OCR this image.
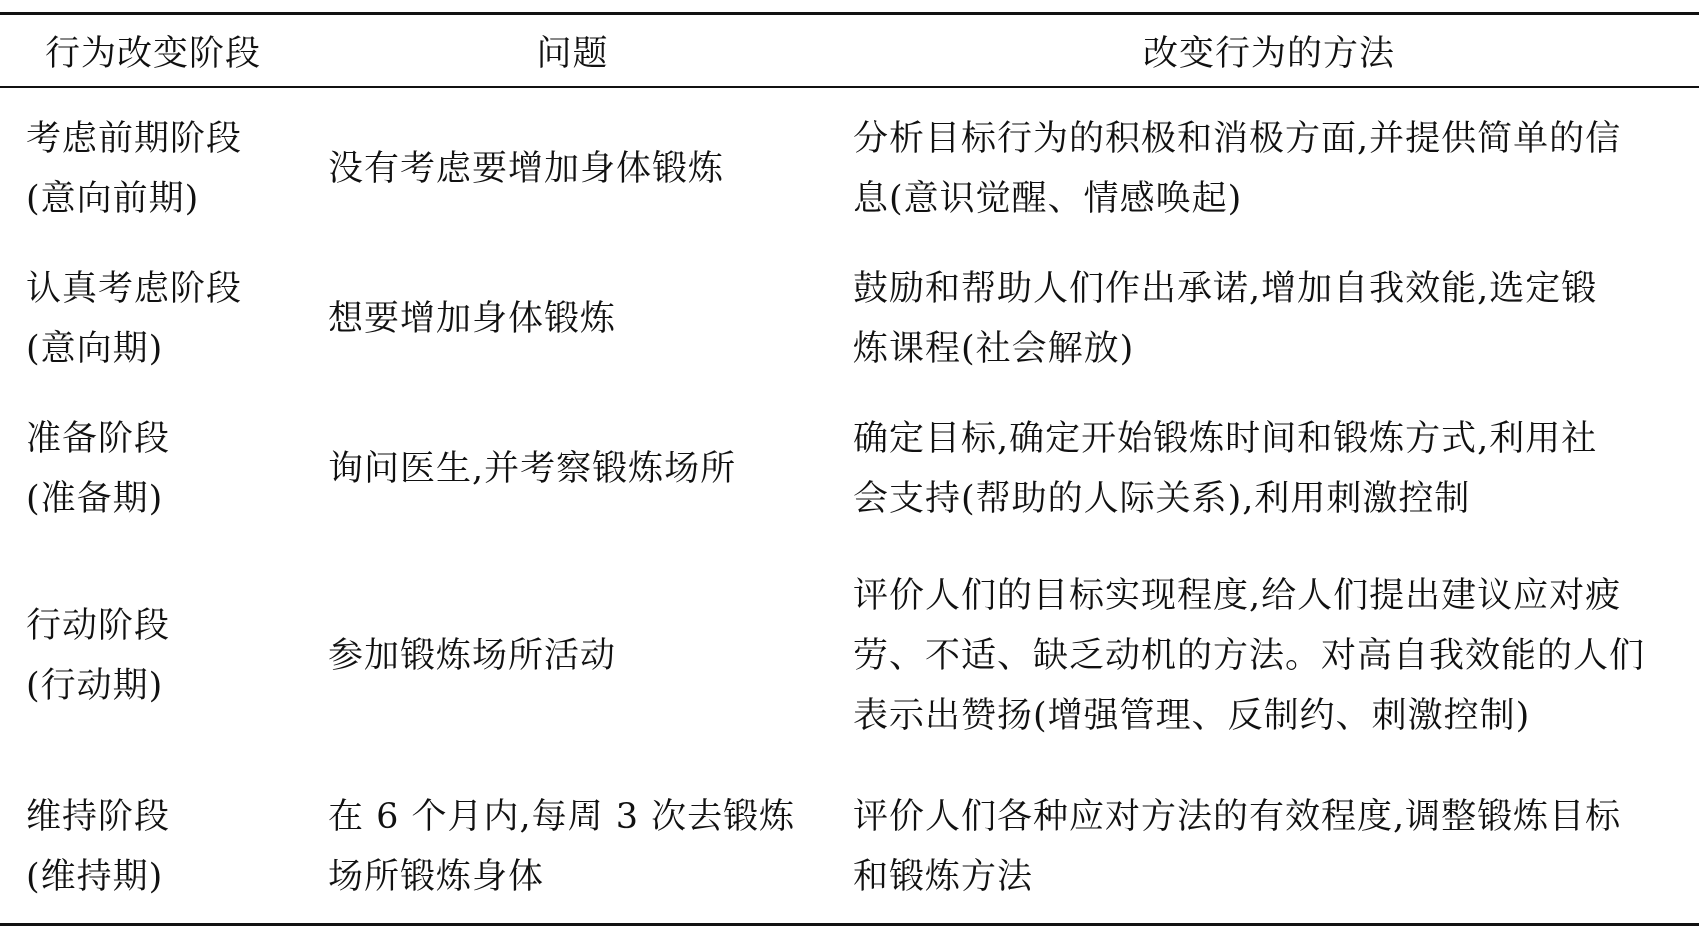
行为改变阶段	问题	改变行为的方法
考虑前期阶段
(意向前期)
没有考虑要增加身体锻炼
分析目标行为的积极和消极方面,并提供简单的信
息(意识觉醒、情感唤起)
认真考虑阶段
(意向期)
想要增加身体锻炼
鼓励和帮助人们作出承诺,增加自我效能,选定锻
炼课程(社会解放)
准备阶段
(准备期)
询问医生,并考察锻炼场所
确定目标,确定开始锻炼时间和锻炼方式,利用社
会支持(帮助的人际关系),利用刺激控制
行动阶段
(行动期)
参加锻炼场所活动
评价人们的目标实现程度,给人们提出建议应对疲
劳、不适、缺乏动机的方法。对高自我效能的人们
表示出赞扬(增强管理、反制约、刺激控制)
维持阶段
(维持期)
在 6 个月内,每周 3 次去锻炼
场所锻炼身体
评价人们各种应对方法的有效程度,调整锻炼目标
和锻炼方法
